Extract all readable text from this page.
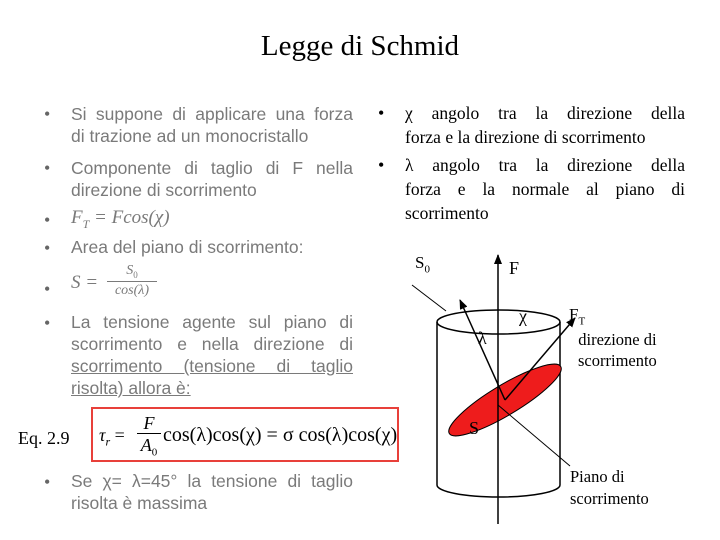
Legge di Schmid
• Si suppone di applicare una forza
di trazione ad un monocristallo
• Componente di taglio di F nella
direzione di scorrimento
• $F_T = Fcos(\chi)$
• Area del piano di scorrimento:
• S =
$S_0$
cos(λ)
• La tensione agente sul piano di
scorrimento e nella direzione di
scorrimento (tensione di taglio
risolta) allora è:
• Se χ= λ=45° la tensione di taglio
risolta è massima
Eq. 2.9 $\tau_r$ =
F
$A_0$
cos(λ)cos(χ) = σ cos(λ)cos(χ)
• χ angolo tra la direzione della
forza e la direzione di scorrimento
• λ angolo tra la direzione della
forza e la normale al piano di
scorrimento
$S_0$	F
λ
χ $F_T$
direzione di
scorrimento
S
Piano di
scorrimento
